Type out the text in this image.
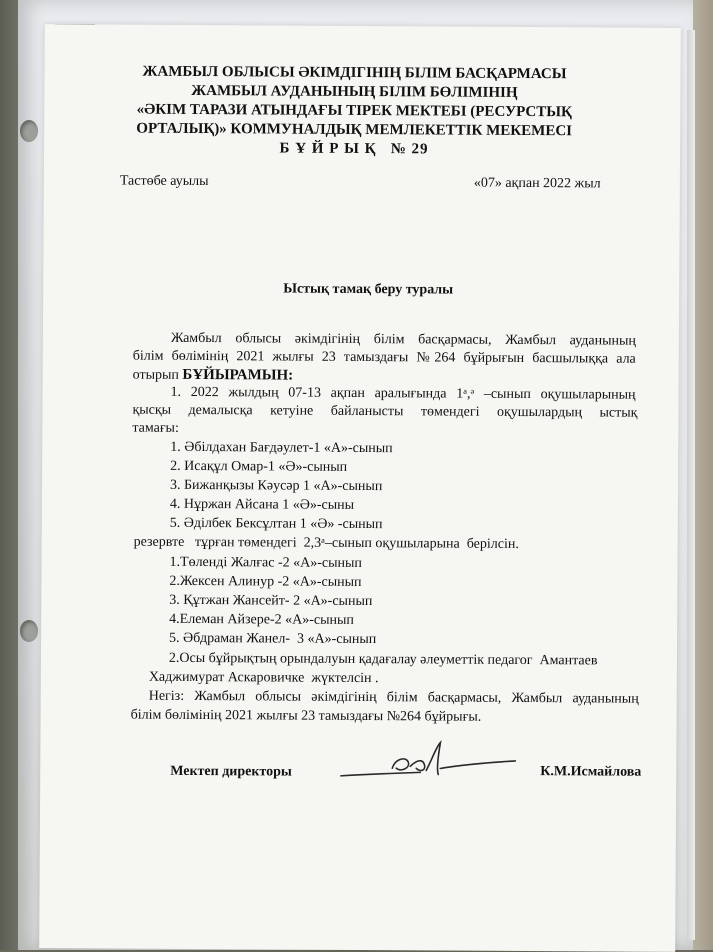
ЖАМБЫЛ ОБЛЫСЫ ӘКІМДІГІНІҢ БІЛІМ БАСҚАРМАСЫ
ЖАМБЫЛ АУДАНЫНЫҢ БІЛІМ БӨЛІМІНІҢ
«ӘКІМ ТАРАЗИ АТЫНДАҒЫ ТІРЕК МЕКТЕБІ (РЕСУРСТЫҚ
ОРТАЛЫҚ)» КОММУНАЛДЫҚ МЕМЛЕКЕТТІК МЕКЕМЕСІ
Б Ұ Й Р Ы Қ   № 29
Тастөбе ауылы	«07» ақпан 2022 жыл
Ыстық тамақ беру туралы
Жамбыл облысы әкімдігінің білім басқармасы, Жамбыл ауданының
білім бөлімінің 2021 жылғы 23 тамыздағы №264 бұйрығын басшылыққа ала
отырып БҰЙЫРАМЫН:
1. 2022 жылдың 07-13 ақпан аралығында 1ᵃ,ᵊ –сынып оқушыларының
қысқы демалысқа кетуіне байланысты төмендегі оқушылардың ыстық
тамағы:
1. Әбілдахан Бағдәулет-1 «А»-сынып
2. Исақұл Омар-1 «Ә»-сынып
3. Бижанқызы Кәусәр 1 «А»-сынып
4. Нұржан Айсана 1 «Ә»-сыны
5. Әділбек Бексұлтан 1 «Ә» -сынып
резервте   тұрған төмендегі  2,3ᵃ–сынып оқушыларына  берілсін.
1.Төленді Жалғас -2 «А»-сынып
2.Жексен Алинур -2 «А»-сынып
3. Құтжан Жансейт- 2 «А»-сынып
4.Елеман Айзере-2 «А»-сынып
5. Әбдраман Жанел-  3 «А»-сынып
2.Осы бұйрықтың орындалуын қадағалау әлеуметтік педагог  Амантаев
Хаджимурат Аскаровичке  жүктелсін .
Негіз: Жамбыл облысы әкімдігінің білім басқармасы, Жамбыл ауданының
білім бөлімінің 2021 жылғы 23 тамыздағы №264 бұйрығы.
Мектеп директоры	К.М.Исмайлова
